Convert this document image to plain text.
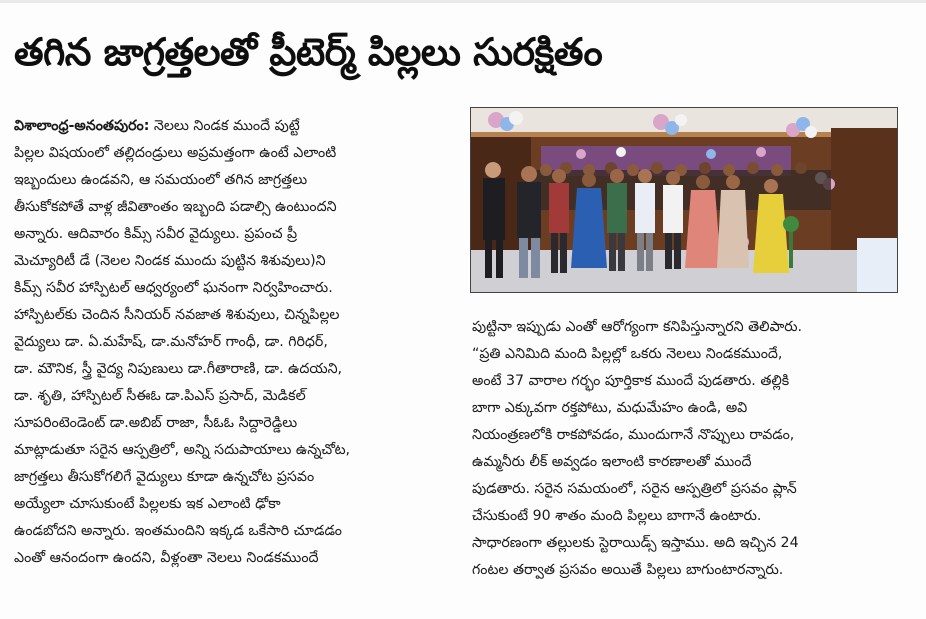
తగిన జాగ్రత్తలతో ప్రీటెర్మ్ పిల్లలు సురక్షితం
విశాలాంధ్ర-అనంతపురం: నెలలు నిండక ముందే పుట్టే
పిల్లల విషయంలో తల్లిదండ్రులు అప్రమత్తంగా ఉంటే ఎలాంటి
ఇబ్బందులు ఉండవని, ఆ సమయంలో తగిన జాగ్రత్తలు
తీసుకోకపోతే వాళ్ల జీవితాంతం ఇబ్బంది పడాల్సి ఉంటుందని
అన్నారు. ఆదివారం కిమ్స్ సవీర వైద్యులు. ప్రపంచ ప్రీ
మెచ్యూరిటీ డే (నెలల నిండక ముందు పుట్టిన శిశువులు)ని
కిమ్స్ సవీర హాస్పిటల్ ఆధ్వర్యంలో ఘనంగా నిర్వహించారు.
హాస్పిటల్‌కు చెందిన సీనియర్ నవజాత శిశువులు, చిన్నపిల్లల
వైద్యులు డా. ఏ.మహేష్, డా.మనోహర్ గాంధీ, డా. గిరిధర్,
డా. మౌనిక, స్త్రీ వైద్య నిపుణులు డా.గీతారాణి, డా. ఉదయని,
డా. శృతి, హాస్పిటల్ సీఈఓ డా.పిఎస్ ప్రసాద్, మెడికల్
సూపరింటెండెంట్ డా.అబిబ్ రాజా, సీఓఓ సిద్దారెడ్డిలు
మాట్లాడుతూ సరైన ఆస్పత్రిలో, అన్ని సదుపాయాలు ఉన్నచోట,
జాగ్రత్తలు తీసుకోగలిగే వైద్యులు కూడా ఉన్నచోట ప్రసవం
అయ్యేలా చూసుకుంటే పిల్లలకు ఇక ఎలాంటి ఢోకా
ఉండబోదని అన్నారు. ఇంతమందిని ఇక్కడ ఒకేసారి చూడడం
ఎంతో ఆనందంగా ఉందని, వీళ్లంతా నెలలు నిండకముందే
పుట్టినా ఇప్పుడు ఎంతో ఆరోగ్యంగా కనిపిస్తున్నారని తెలిపారు.
“ప్రతి ఎనిమిది మంది పిల్లల్లో ఒకరు నెలలు నిండకముందే,
అంటే 37 వారాల గర్భం పూర్తికాక ముందే పుడతారు. తల్లికి
బాగా ఎక్కువగా రక్తపోటు, మధుమేహం ఉండి, అవి
నియంత్రణలోకి రాకపోవడం, ముందుగానే నొప్పులు రావడం,
ఉమ్మనీరు లీక్ అవ్వడం ఇలాంటి కారణాలతో ముందే
పుడతారు. సరైన సమయంలో, సరైన ఆస్పత్రిలో ప్రసవం ప్లాన్
చేసుకుంటే 90 శాతం మంది పిల్లలు బాగానే ఉంటారు.
సాధారణంగా తల్లులకు స్టెరాయిడ్స్ ఇస్తాము. అది ఇచ్చిన 24
గంటల తర్వాత ప్రసవం అయితే పిల్లలు బాగుంటారన్నారు.
